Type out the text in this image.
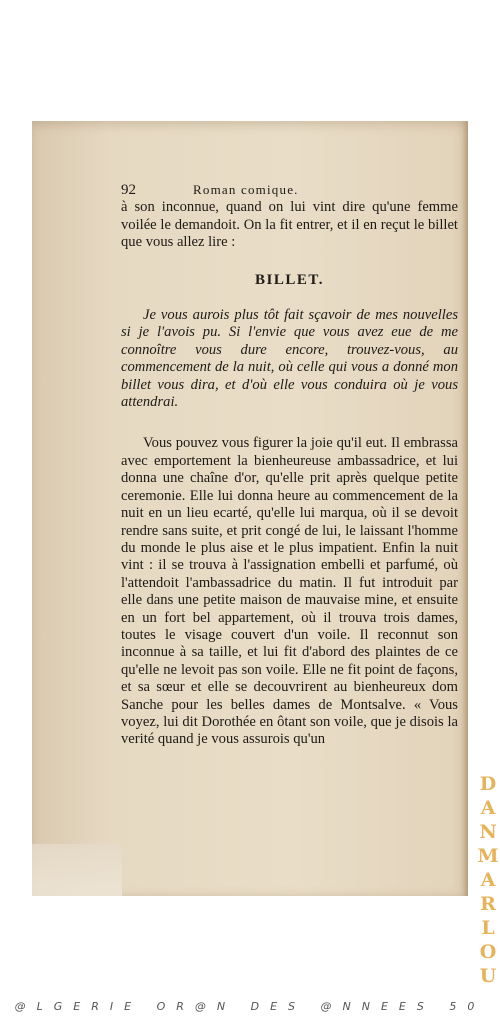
92	Roman comique.

à son inconnue, quand on lui vint dire qu'une femme voilée le demandoit. On la fit entrer, et il en reçut le billet que vous allez lire :

BILLET.

Je vous aurois plus tôt fait sçavoir de mes nouvelles si je l'avois pu. Si l'envie que vous avez eue de me connoître vous dure encore, trouvez-vous, au commencement de la nuit, où celle qui vous a donné mon billet vous dira, et d'où elle vous conduira où je vous attendrai.

Vous pouvez vous figurer la joie qu'il eut. Il embrassa avec emportement la bienheureuse ambassadrice, et lui donna une chaîne d'or, qu'elle prit après quelque petite ceremonie. Elle lui donna heure au commencement de la nuit en un lieu ecarté, qu'elle lui marqua, où il se devoit rendre sans suite, et prit congé de lui, le laissant l'homme du monde le plus aise et le plus impatient. Enfin la nuit vint : il se trouva à l'assignation embelli et parfumé, où l'attendoit l'ambassadrice du matin. Il fut introduit par elle dans une petite maison de mauvaise mine, et ensuite en un fort bel appartement, où il trouva trois dames, toutes le visage couvert d'un voile. Il reconnut son inconnue à sa taille, et lui fit d'abord des plaintes de ce qu'elle ne levoit pas son voile. Elle ne fit point de façons, et sa sœur et elle se decouvrirent au bienheureux dom Sanche pour les belles dames de Montsalve. « Vous voyez, lui dit Dorothée en ôtant son voile, que je disois la verité quand je vous assurois qu'un

D
A
N
M
A
R
L
O
U
@LGERIE OR@N DES @NNEES 50
